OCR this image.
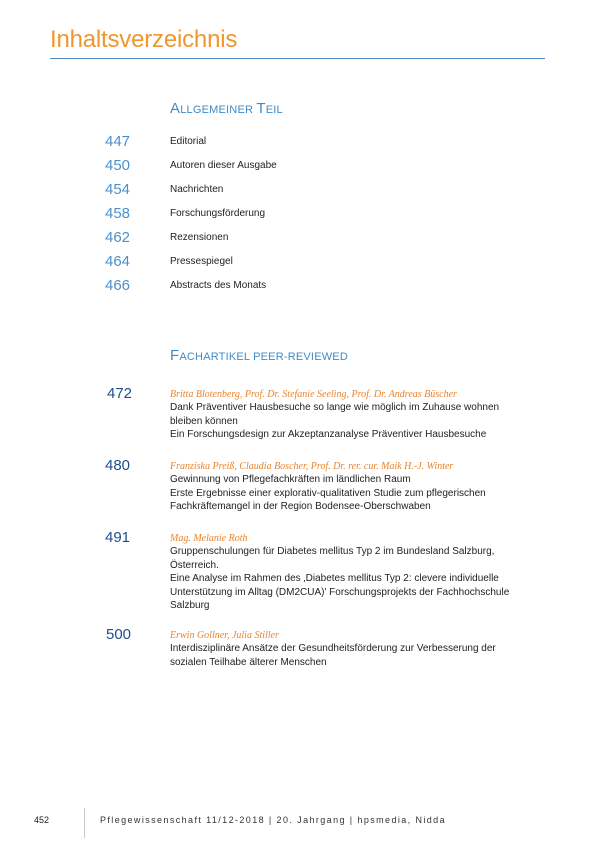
Inhaltsverzeichnis
ALLGEMEINER TEIL
447	Editorial
450	Autoren dieser Ausgabe
454	Nachrichten
458	Forschungsförderung
462	Rezensionen
464	Pressespiegel
466	Abstracts des Monats
FACHARTIKEL PEER-REVIEWED
472	Britta Blotenberg, Prof. Dr. Stefanie Seeling, Prof. Dr. Andreas Büscher
Dank Präventiver Hausbesuche so lange wie möglich im Zuhause wohnen
bleiben können
Ein Forschungsdesign zur Akzeptanzanalyse Präventiver Hausbesuche
480	Franziska Preiß, Claudia Boscher, Prof. Dr. rer. cur. Maik H.-J. Winter
Gewinnung von Pflegefachkräften im ländlichen Raum
Erste Ergebnisse einer explorativ-qualitativen Studie zum pflegerischen
Fachkräftemangel in der Region Bodensee-Oberschwaben
491	Mag. Melanie Roth
Gruppenschulungen für Diabetes mellitus Typ 2 im Bundesland Salzburg,
Österreich.
Eine Analyse im Rahmen des ‚Diabetes mellitus Typ 2: clevere individuelle
Unterstützung im Alltag (DM2CUA)' Forschungsprojekts der Fachhochschule
Salzburg
500	Erwin Gollner, Julia Stiller
Interdisziplinäre Ansätze der Gesundheitsförderung zur Verbesserung der
sozialen Teilhabe älterer Menschen
452	Pflegewissenschaft 11/12-2018 | 20. Jahrgang | hpsmedia, Nidda
